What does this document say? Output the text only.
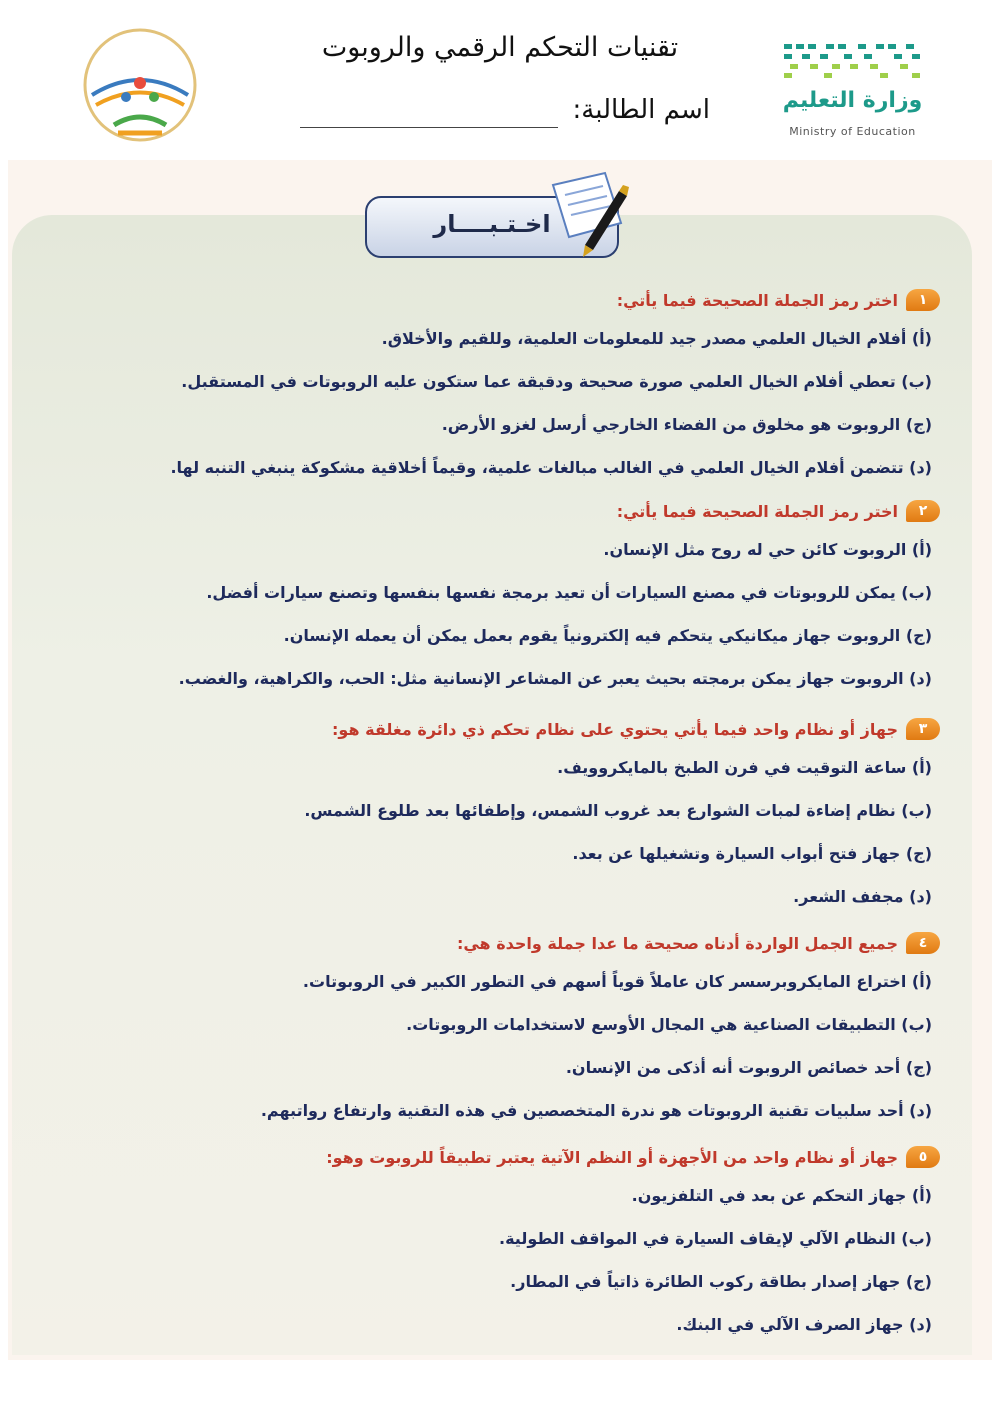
تقنيات التحكم الرقمي والروبوت
اسم الطالبة:	وزارة التعليم
Ministry of Education
اخـتـبــــار
١
اختر رمز الجملة الصحيحة فيما يأتي:
(أ) أفلام الخيال العلمي مصدر جيد للمعلومات العلمية، وللقيم والأخلاق.
(ب) تعطي أفلام الخيال العلمي صورة صحيحة ودقيقة عما ستكون عليه الروبوتات في المستقبل.
(ج) الروبوت هو مخلوق من الفضاء الخارجي أرسل لغزو الأرض.
(د) تتضمن أفلام الخيال العلمي في الغالب مبالغات علمية، وقيماً أخلاقية مشكوكة ينبغي التنبه لها.
٢
اختر رمز الجملة الصحيحة فيما يأتي:
(أ) الروبوت كائن حي له روح مثل الإنسان.
(ب) يمكن للروبوتات في مصنع السيارات أن تعيد برمجة نفسها بنفسها وتصنع سيارات أفضل.
(ج) الروبوت جهاز ميكانيكي يتحكم فيه إلكترونياً يقوم بعمل يمكن أن يعمله الإنسان.
(د) الروبوت جهاز يمكن برمجته بحيث يعبر عن المشاعر الإنسانية مثل: الحب، والكراهية، والغضب.
٣
جهاز أو نظام واحد فيما يأتي يحتوي على نظام تحكم ذي دائرة مغلقة هو:
(أ) ساعة التوقيت في فرن الطبخ بالمايكروويف.
(ب) نظام إضاءة لمبات الشوارع بعد غروب الشمس، وإطفائها بعد طلوع الشمس.
(ج) جهاز فتح أبواب السيارة وتشغيلها عن بعد.
(د) مجفف الشعر.
٤
جميع الجمل الواردة أدناه صحيحة ما عدا جملة واحدة هي:
(أ) اختراع المايكروبرسسر كان عاملاً قوياً أسهم في التطور الكبير في الروبوتات.
(ب) التطبيقات الصناعية هي المجال الأوسع لاستخدامات الروبوتات.
(ج) أحد خصائص الروبوت أنه أذكى من الإنسان.
(د) أحد سلبيات تقنية الروبوتات هو ندرة المتخصصين في هذه التقنية وارتفاع رواتبهم.
٥
جهاز أو نظام واحد من الأجهزة أو النظم الآتية يعتبر تطبيقاً للروبوت وهو:
(أ) جهاز التحكم عن بعد في التلفزيون.
(ب) النظام الآلي لإيقاف السيارة في المواقف الطولية.
(ج) جهاز إصدار بطاقة ركوب الطائرة ذاتياً في المطار.
(د) جهاز الصرف الآلي في البنك.
